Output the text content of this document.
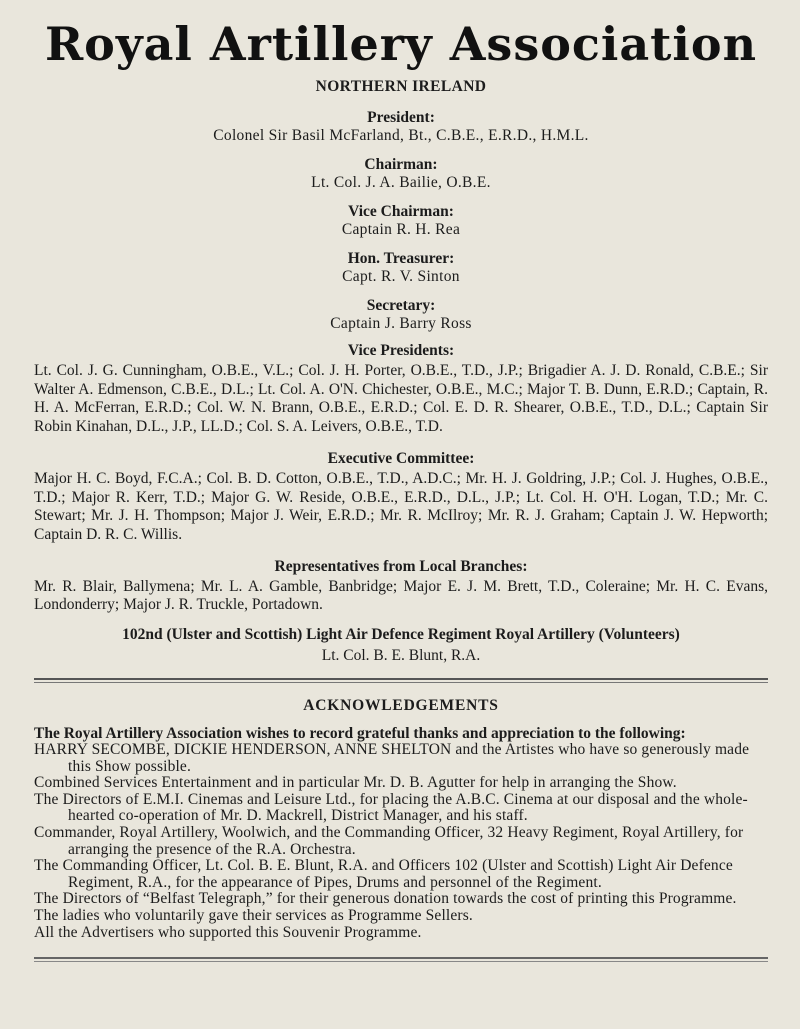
Royal Artillery Association
NORTHERN IRELAND
President:
Colonel Sir Basil McFarland, Bt., C.B.E., E.R.D., H.M.L.
Chairman:
Lt. Col. J. A. Bailie, O.B.E.
Vice Chairman:
Captain R. H. Rea
Hon. Treasurer:
Capt. R. V. Sinton
Secretary:
Captain J. Barry Ross
Vice Presidents:
Lt. Col. J. G. Cunningham, O.B.E., V.L.; Col. J. H. Porter, O.B.E., T.D., J.P.; Brigadier A. J. D. Ronald, C.B.E.; Sir Walter A. Edmenson, C.B.E., D.L.; Lt. Col. A. O'N. Chichester, O.B.E., M.C.; Major T. B. Dunn, E.R.D.; Captain, R. H. A. McFerran, E.R.D.; Col. W. N. Brann, O.B.E., E.R.D.; Col. E. D. R. Shearer, O.B.E., T.D., D.L.; Captain Sir Robin Kinahan, D.L., J.P., LL.D.; Col. S. A. Leivers, O.B.E., T.D.
Executive Committee:
Major H. C. Boyd, F.C.A.; Col. B. D. Cotton, O.B.E., T.D., A.D.C.; Mr. H. J. Goldring, J.P.; Col. J. Hughes, O.B.E., T.D.; Major R. Kerr, T.D.; Major G. W. Reside, O.B.E., E.R.D., D.L., J.P.; Lt. Col. H. O'H. Logan, T.D.; Mr. C. Stewart; Mr. J. H. Thompson; Major J. Weir, E.R.D.; Mr. R. McIlroy; Mr. R. J. Graham; Captain J. W. Hepworth; Captain D. R. C. Willis.
Representatives from Local Branches:
Mr. R. Blair, Ballymena; Mr. L. A. Gamble, Banbridge; Major E. J. M. Brett, T.D., Coleraine; Mr. H. C. Evans, Londonderry; Major J. R. Truckle, Portadown.
102nd (Ulster and Scottish) Light Air Defence Regiment Royal Artillery (Volunteers)
Lt. Col. B. E. Blunt, R.A.
ACKNOWLEDGEMENTS
The Royal Artillery Association wishes to record grateful thanks and appreciation to the following:
HARRY SECOMBE, DICKIE HENDERSON, ANNE SHELTON and the Artistes who have so generously made this Show possible.
Combined Services Entertainment and in particular Mr. D. B. Agutter for help in arranging the Show.
The Directors of E.M.I. Cinemas and Leisure Ltd., for placing the A.B.C. Cinema at our disposal and the whole-hearted co-operation of Mr. D. Mackrell, District Manager, and his staff.
Commander, Royal Artillery, Woolwich, and the Commanding Officer, 32 Heavy Regiment, Royal Artillery, for arranging the presence of the R.A. Orchestra.
The Commanding Officer, Lt. Col. B. E. Blunt, R.A. and Officers 102 (Ulster and Scottish) Light Air Defence Regiment, R.A., for the appearance of Pipes, Drums and personnel of the Regiment.
The Directors of “Belfast Telegraph,” for their generous donation towards the cost of printing this Programme.
The ladies who voluntarily gave their services as Programme Sellers.
All the Advertisers who supported this Souvenir Programme.
